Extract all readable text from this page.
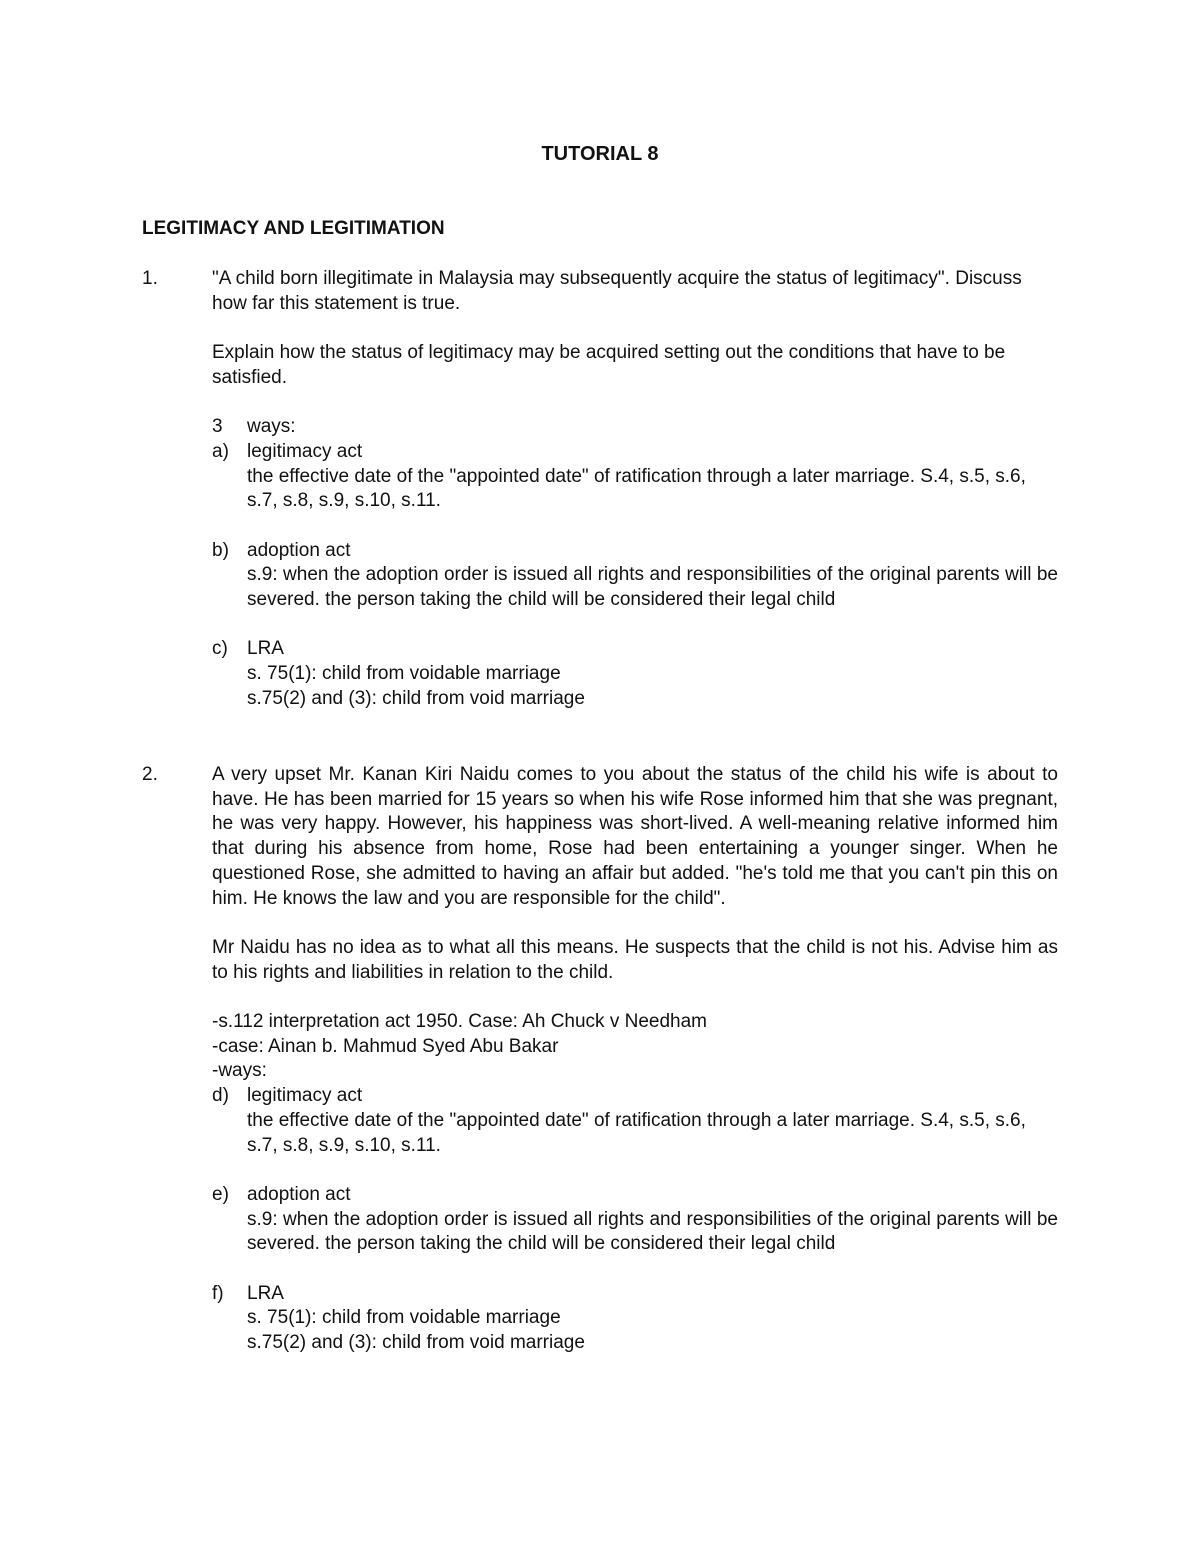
TUTORIAL 8
LEGITIMACY AND LEGITIMATION
1.	"A child born illegitimate in Malaysia may subsequently acquire the status of legitimacy". Discuss how far this statement is true.

Explain how the status of legitimacy may be acquired setting out the conditions that have to be satisfied.

3	ways:
a) legitimacy act

the effective date of the "appointed date" of ratification through a later marriage. S.4, s.5, s.6, s.7, s.8, s.9, s.10, s.11.

b) adoption act

s.9: when the adoption order is issued all rights and responsibilities of the original parents will be severed. the person taking the child will be considered their legal child

c)	LRA

s. 75(1): child from voidable marriage

s.75(2) and (3): child from void marriage

2.	A very upset Mr. Kanan Kiri Naidu comes to you about the status of the child his wife is about to have. He has been married for 15 years so when his wife Rose informed him that she was pregnant, he was very happy. However, his happiness was short-lived. A well-meaning relative informed him that during his absence from home, Rose had been entertaining a younger singer. When he questioned Rose, she admitted to having an affair but added. "he's told me that you can't pin this on him. He knows the law and you are responsible for the child".

Mr Naidu has no idea as to what all this means. He suspects that the child is not his. Advise him as to his rights and liabilities in relation to the child.

-s.112 interpretation act 1950. Case: Ah Chuck v Needham

-case: Ainan b. Mahmud Syed Abu Bakar

-ways:

d) legitimacy act

the effective date of the "appointed date" of ratification through a later marriage. S.4, s.5, s.6, s.7, s.8, s.9, s.10, s.11.

e) adoption act

s.9: when the adoption order is issued all rights and responsibilities of the original parents will be severed. the person taking the child will be considered their legal child

f)	LRA

s. 75(1): child from voidable marriage

s.75(2) and (3): child from void marriage
